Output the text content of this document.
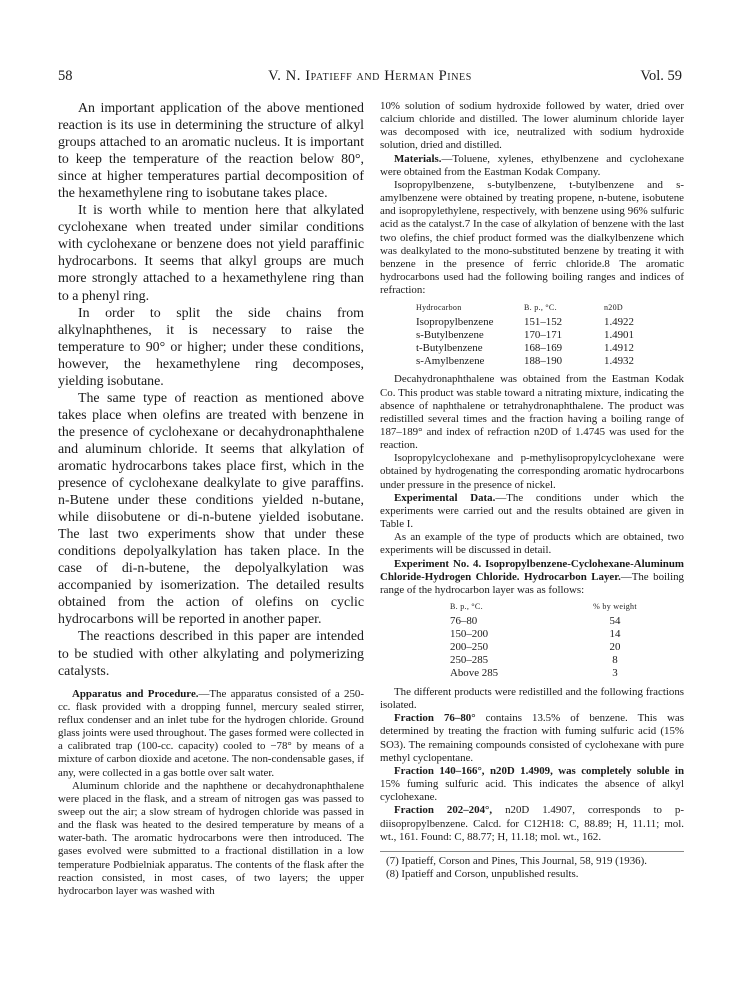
58	V. N. Ipatieff and Herman Pines	Vol. 59

An important application of the above mentioned reaction is its use in determining the structure of alkyl groups attached to an aromatic nucleus. It is important to keep the temperature of the reaction below 80°, since at higher temperatures partial decomposition of the hexamethylene ring to isobutane takes place.

It is worth while to mention here that alkylated cyclohexane when treated under similar conditions with cyclohexane or benzene does not yield paraffinic hydrocarbons. It seems that alkyl groups are much more strongly attached to a hexamethylene ring than to a phenyl ring.

In order to split the side chains from alkylnaphthenes, it is necessary to raise the temperature to 90° or higher; under these conditions, however, the hexamethylene ring decomposes, yielding isobutane.

The same type of reaction as mentioned above takes place when olefins are treated with benzene in the presence of cyclohexane or decahydronaphthalene and aluminum chloride. It seems that alkylation of aromatic hydrocarbons takes place first, which in the presence of cyclohexane dealkylate to give paraffins. n-Butene under these conditions yielded n-butane, while diisobutene or di-n-butene yielded isobutane. The last two experiments show that under these conditions depolyalkylation has taken place. In the case of di-n-butene, the depolyalkylation was accompanied by isomerization. The detailed results obtained from the action of olefins on cyclic hydrocarbons will be reported in another paper.

The reactions described in this paper are intended to be studied with other alkylating and polymerizing catalysts.

Apparatus and Procedure.—The apparatus consisted of a 250-cc. flask provided with a dropping funnel, mercury sealed stirrer, reflux condenser and an inlet tube for the hydrogen chloride. Ground glass joints were used throughout. The gases formed were collected in a calibrated trap (100-cc. capacity) cooled to −78° by means of a mixture of carbon dioxide and acetone. The non-condensable gases, if any, were collected in a gas bottle over salt water.

Aluminum chloride and the naphthene or decahydronaphthalene were placed in the flask, and a stream of nitrogen gas was passed to sweep out the air; a slow stream of hydrogen chloride was passed in and the flask was heated to the desired temperature by means of a water-bath. The aromatic hydrocarbons were then introduced. The gases evolved were submitted to a fractional distillation in a low temperature Podbielniak apparatus. The contents of the flask after the reaction consisted, in most cases, of two layers; the upper hydrocarbon layer was washed with

10% solution of sodium hydroxide followed by water, dried over calcium chloride and distilled. The lower aluminum chloride layer was decomposed with ice, neutralized with sodium hydroxide solution, dried and distilled.

Materials.—Toluene, xylenes, ethylbenzene and cyclohexane were obtained from the Eastman Kodak Company.

Isopropylbenzene, s-butylbenzene, t-butylbenzene and s-amylbenzene were obtained by treating propene, n-butene, isobutene and isopropylethylene, respectively, with benzene using 96% sulfuric acid as the catalyst.7 In the case of alkylation of benzene with the last two olefins, the chief product formed was the dialkylbenzene which was dealkylated to the mono-substituted benzene by treating it with benzene in the presence of ferric chloride.8 The aromatic hydrocarbons used had the following boiling ranges and indices of refraction:

Hydrocarbon	B. p., °C.	n20D
Isopropylbenzene	151–152	1.4922
s-Butylbenzene	170–171	1.4901
t-Butylbenzene	168–169	1.4912
s-Amylbenzene	188–190	1.4932

Decahydronaphthalene was obtained from the Eastman Kodak Co. This product was stable toward a nitrating mixture, indicating the absence of naphthalene or tetrahydronaphthalene. The product was redistilled several times and the fraction having a boiling range of 187–189° and index of refraction n20D of 1.4745 was used for the reaction.

Isopropylcyclohexane and p-methylisopropylcyclohexane were obtained by hydrogenating the corresponding aromatic hydrocarbons under pressure in the presence of nickel.

Experimental Data.—The conditions under which the experiments were carried out and the results obtained are given in Table I.

As an example of the type of products which are obtained, two experiments will be discussed in detail.

Experiment No. 4. Isopropylbenzene-Cyclohexane-Aluminum Chloride-Hydrogen Chloride. Hydrocarbon Layer.—The boiling range of the hydrocarbon layer was as follows:

B. p., °C.	% by weight
76–80	54
150–200	14
200–250	20
250–285	8
Above 285	3

The different products were redistilled and the following fractions isolated.

Fraction 76–80° contains 13.5% of benzene. This was determined by treating the fraction with fuming sulfuric acid (15% SO3). The remaining compounds consisted of cyclohexane with pure methyl cyclopentane.

Fraction 140–166°, n20D 1.4909, was completely soluble in 15% fuming sulfuric acid. This indicates the absence of alkyl cyclohexane.

Fraction 202–204°, n20D 1.4907, corresponds to p-diisopropylbenzene. Calcd. for C12H18: C, 88.89; H, 11.11; mol. wt., 161. Found: C, 88.77; H, 11.18; mol. wt., 162.

(7) Ipatieff, Corson and Pines, This Journal, 58, 919 (1936).

(8) Ipatieff and Corson, unpublished results.
